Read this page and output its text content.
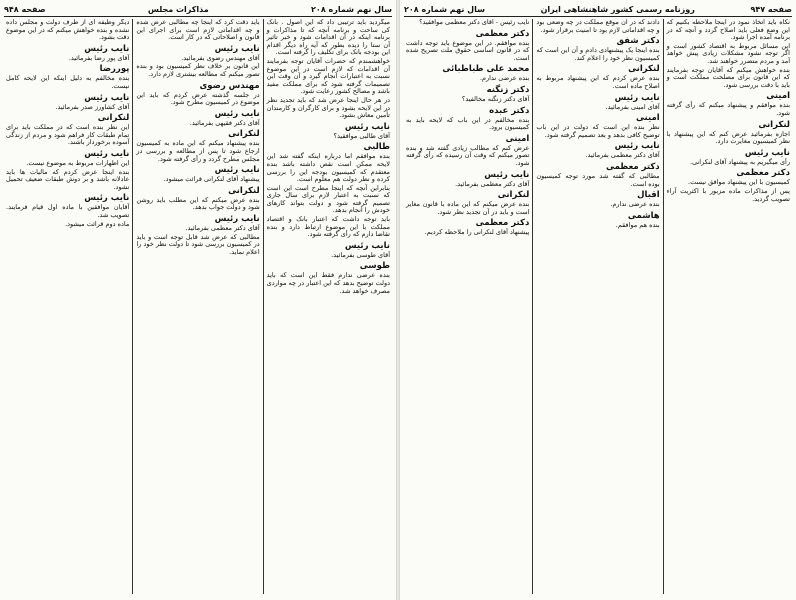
سال نهم شماره ۲۰۸
مذاکرات مجلس
صفحه ۹۴۸

میگردید باید ترتیبی داد که این اصول . بانک کی ساحت و برنامه آنچه که تا مذاکرات و برنامه اینکه در آن اقدامات شود و خبر تاثیر آن ستا را دیده بطور که آیه راه دیگر اقدام این بودجه بانک برای تکلیف را گرفته است.

خواهشمندم که حضرات آقایان توجه بفرمایند آن اقدامات که لازم است در این موضوع نسبت به اعتبارات انجام گیرد و آن وقت این تصمیمات گرفته شود که برای مملکت مفید باشد و مصالح کشور رعایت شود.

در هر حال اینجا عرض شد که باید تجدید نظر در این لایحه بشود و برای کارگران و کارمندان تأمین معاش بشود.

نایب رئیس

آقای طالبی موافقید؟

طالبی

بنده موافقم اما درباره اینکه گفته شد این لایحه ممکن است نقص داشته باشد بنده معتقدم که کمیسیون بودجه این را بررسی کرده و نظر دولت هم معلوم است.

بنابراین آنچه که اینجا مطرح است این است که نسبت به اعتبار لازم برای سال جاری تصمیم گرفته شود و دولت بتواند کارهای خودش را انجام بدهد.

باید توجه داشت که اعتبار بانک و اقتصاد مملکت با این موضوع ارتباط دارد و بنده تقاضا دارم که رأی گرفته شود.

نایب رئیس

آقای طوسی بفرمائید.

طوسی

بنده عرضی ندارم فقط این است که باید دولت توضیح بدهد که این اعتبار در چه مواردی مصرف خواهد شد.

باید دقت کرد که اینجا چه مطالبی عرض شده و چه اقداماتی لازم است برای اجرای این قانون و اصلاحاتی که در کار است.

نایب رئیس

آقای مهندس رضوی بفرمائید.

این قانون بر خلاف نظر کمیسیون بود و بنده تصور میکنم که مطالعه بیشتری لازم دارد.

مهندس رضوی

در جلسه گذشته عرض کردم که باید این موضوع در کمیسیون مطرح شود.

نایب رئیس

آقای دکتر فقیهی بفرمائید.

لنکرانی

بنده پیشنهاد میکنم که این ماده به کمیسیون ارجاع شود تا پس از مطالعه و بررسی در مجلس مطرح گردد و رأی گرفته شود.

نایب رئیس

پیشنهاد آقای لنکرانی قرائت میشود.

لنکرانی

بنده عرض میکنم که این مطلب باید روشن شود و دولت جواب بدهد.

نایب رئیس

آقای دکتر معظمی بفرمائید.

مطالبی که عرض شد قابل توجه است و باید در کمیسیون بررسی شود تا دولت نظر خود را اعلام نماید.

دیگر وظیفه ای از طرف دولت و مجلس داده نشده و بنده خواهش میکنم که در این موضوع دقت بشود.

نایب رئیس

آقای پور رضا بفرمائید.

پوررضا

بنده مخالفم به دلیل اینکه این لایحه کامل نیست.

نایب رئیس

آقای کشاورز صدر بفرمائید.

لنکرانی

این نظر بنده است که در مملکت باید برای تمام طبقات کار فراهم شود و مردم از زندگی آسوده برخوردار باشند.

نایب رئیس

این اظهارات مربوط به موضوع نیست.

بنده اینجا عرض کردم که مالیات ها باید عادلانه باشد و بر دوش طبقات ضعیف تحمیل نشود.

نایب رئیس

آقایان موافقین با ماده اول قیام فرمایند. تصویب شد.

ماده دوم قرائت میشود.

صفحه ۹۴۷
روزنامه رسمی کشور شاهنشاهی ایران
سال نهم شماره ۲۰۸

نکاه باید اتخاذ نمود در اینجا ملاحظه بکنیم که این وضع فعلی باید اصلاح گردد و آنچه که در برنامه آمده اجرا شود.

این مسائل مربوط به اقتصاد کشور است و اگر توجه نشود مشکلات زیادی پیش خواهد آمد و مردم متضرر خواهند شد.

بنده خواهش میکنم که آقایان توجه بفرمایند که این قانون برای مصلحت مملکت است و باید با دقت بررسی شود.

امینی

بنده موافقم و پیشنهاد میکنم که رأی گرفته شود.

لنکرانی

اجازه بفرمائید عرض کنم که این پیشنهاد با نظر کمیسیون مغایرت دارد.

نایب رئیس

رأی میگیریم به پیشنهاد آقای لنکرانی.

دکتر معظمی

کمیسیون با این پیشنهاد موافق نیست.

پس از مذاکرات ماده مزبور با اکثریت آراء تصویب گردید.

دادند که در آن موقع مملکت در چه وضعی بود و چه اقداماتی لازم بود تا امنیت برقرار شود.

دکتر شفق

بنده اینجا یک پیشنهادی دادم و آن این است که کمیسیون نظر خود را اعلام کند.

لنکرانی

بنده عرض کردم که این پیشنهاد مربوط به اصلاح ماده است.

نایب رئیس

آقای امینی بفرمائید.

امینی

نظر بنده این است که دولت در این باب توضیح کافی بدهد و بعد تصمیم گرفته شود.

نایب رئیس

آقای دکتر معظمی بفرمائید.

دکتر معظمی

مطالبی که گفته شد مورد توجه کمیسیون بوده است.

اقبال

بنده عرضی ندارم.

هاشمی

بنده هم موافقم.

نایب رئیس - آقای دکتر معظمی موافقید؟

دکتر معظمی

بنده موافقم. در این موضوع باید توجه داشت که در قانون اساسی حقوق ملت تصریح شده است.

محمد علی طباطبائی

بنده عرضی ندارم.

دکتر زنگنه

آقای دکتر زنگنه مخالفید؟

دکتر عبده

بنده مخالفم در این باب که لایحه باید به کمیسیون برود.

امینی

عرض کنم که مطالب زیادی گفته شد و بنده تصور میکنم که وقت آن رسیده که رأی گرفته شود.

نایب رئیس

آقای دکتر معظمی بفرمائید.

لنکرانی

بنده عرض میکنم که این ماده با قانون مغایر است و باید در آن تجدید نظر شود.

دکتر معظمی

پیشنهاد آقای لنکرانی را ملاحظه کردیم.
